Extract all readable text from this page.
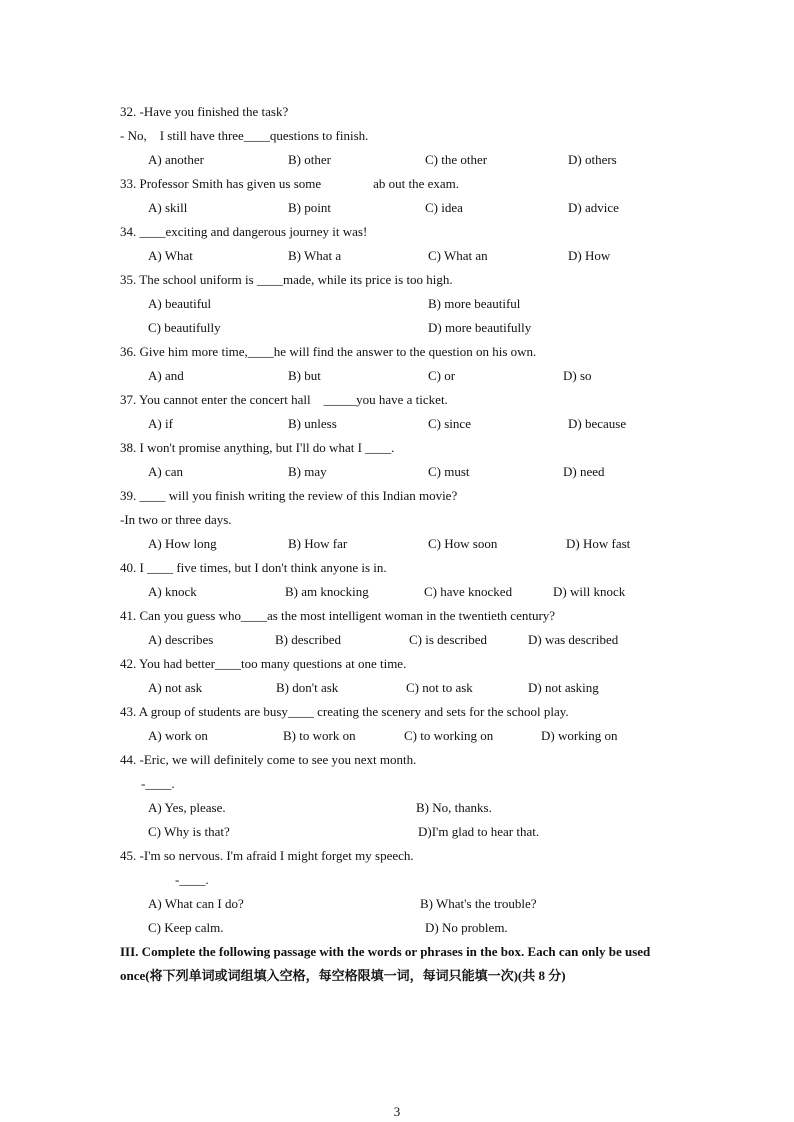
32. -Have you finished the task?
- No,    I still have three____questions to finish.

A) another

	B) other

	C) the other

	D) others

33. Professor Smith has given us some                ab out the exam.

A) skill

	B) point

	C) idea

	D) advice

34. ____exciting and dangerous journey it was!

A) What

	B) What a

	C) What an

	D) How

35. The school uniform is ____made, while its price is too high.

A) beautiful

	B) more beautiful

C) beautifully

	D) more beautifully

36. Give him more time,____he will find the answer to the question on his own.

A) and

	B) but

	C) or

	D) so

37. You cannot enter the concert hall    _____you have a ticket.

A) if

	B) unless

	C) since

	D) because

38. I won't promise anything, but I'll do what I ____.

A) can

	B) may

	C) must

	D) need

39. ____ will you finish writing the review of this Indian movie?
-In two or three days.

A) How long

	B) How far

	C) How soon

	D) How fast

40. I ____ five times, but I don't think anyone is in.

A) knock

	B) am knocking

	C) have knocked

	D) will knock

41. Can you guess who____as the most intelligent woman in the twentieth century?

A) describes

	B) described

	C) is described

	D) was described

42. You had better____too many questions at one time.

A) not ask

	B) don't ask

	C) not to ask

	D) not asking

43. A group of students are busy____ creating the scenery and sets for the school play.

A) work on

	B) to work on

	C) to working on

	D) working on

44. -Eric, we will definitely come to see you next month.
-____.

A) Yes, please.

	B) No, thanks.

C) Why is that?

	D)I'm glad to hear that.

45. -I'm so nervous. I'm afraid I might forget my speech.
-____.

A) What can I do?

	B) What's the trouble?

C) Keep calm.

	D) No problem.

III. Complete the following passage with the words or phrases in the box. Each can only be used
once(将下列单词或词组填入空格，每空格限填一词，每词只能填一次)(共 8 分)
3
